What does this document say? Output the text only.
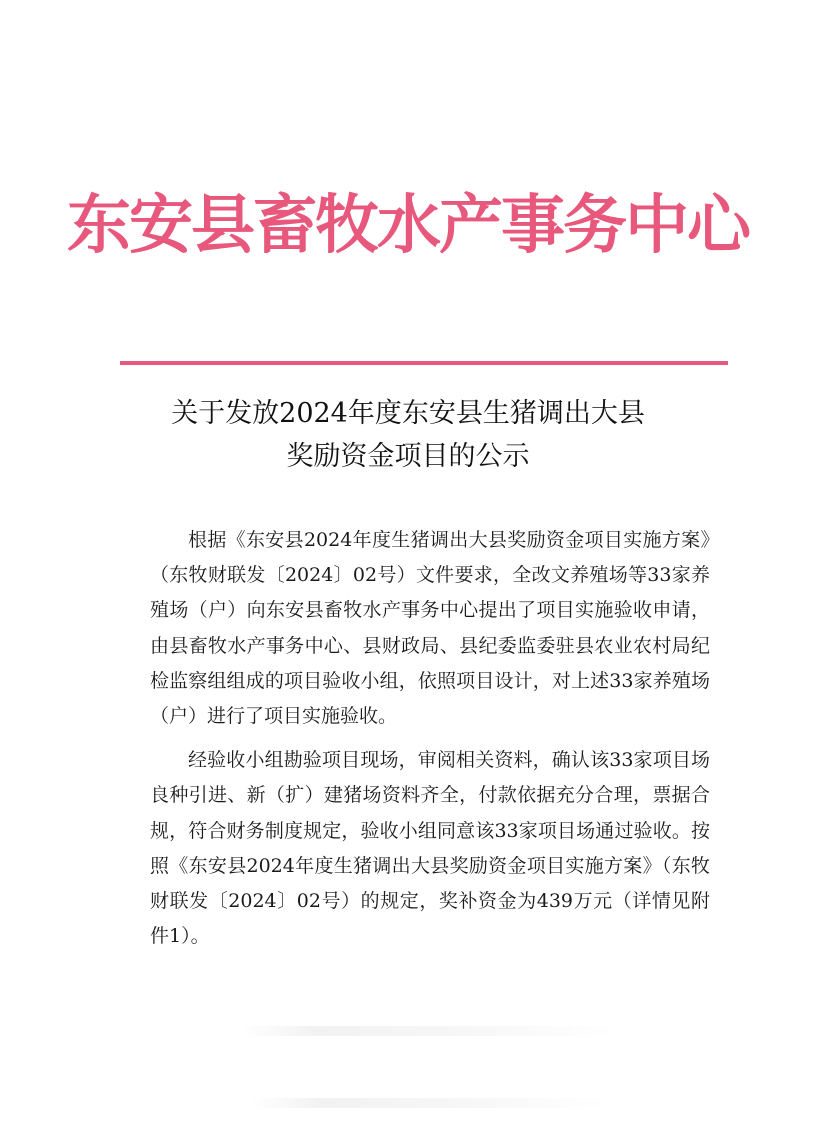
东安县畜牧水产事务中心
关于发放2024年度东安县生猪调出大县
奖励资金项目的公示

根据《东安县2024年度生猪调出大县奖励资金项目实施方案》（东牧财联发〔2024〕02号）文件要求，全改文养殖场等33家养殖场（户）向东安县畜牧水产事务中心提出了项目实施验收申请，由县畜牧水产事务中心、县财政局、县纪委监委驻县农业农村局纪检监察组组成的项目验收小组，依照项目设计，对上述33家养殖场（户）进行了项目实施验收。

经验收小组勘验项目现场，审阅相关资料，确认该33家项目场良种引进、新（扩）建猪场资料齐全，付款依据充分合理，票据合规，符合财务制度规定，验收小组同意该33家项目场通过验收。按照《东安县2024年度生猪调出大县奖励资金项目实施方案》（东牧财联发〔2024〕02号）的规定，奖补资金为439万元（详情见附件1）。
